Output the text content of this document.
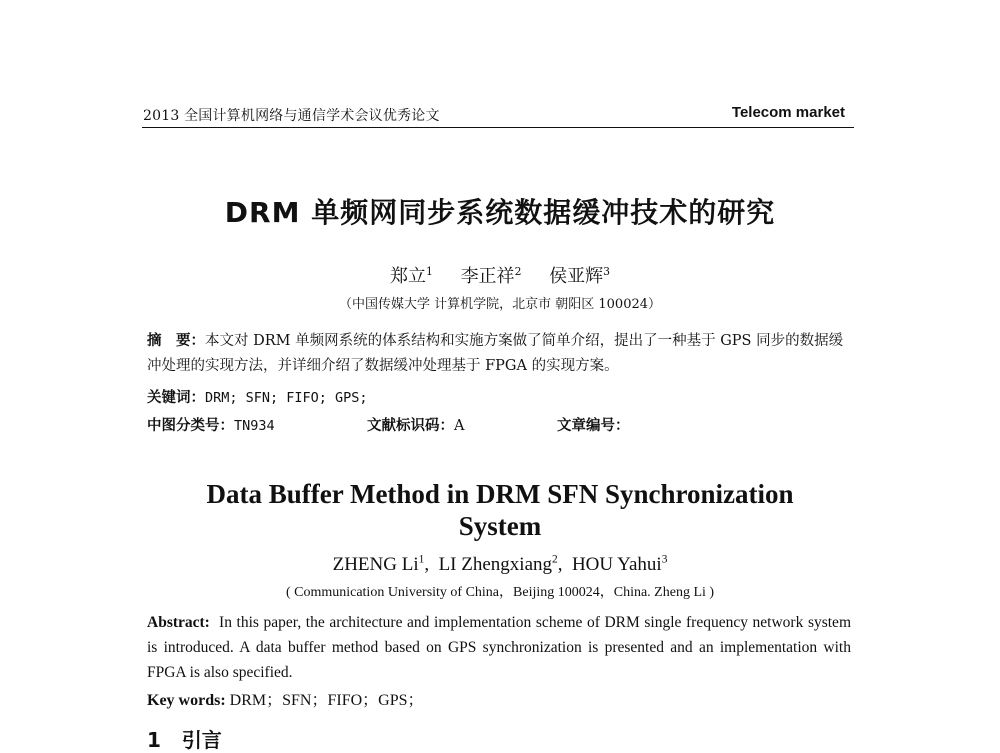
2013 全国计算机网络与通信学术会议优秀论文	Telecom market
DRM 单频网同步系统数据缓冲技术的研究
郑立$^1$ 李正祥$^2$ 侯亚辉$^3$
（中国传媒大学 计算机学院，北京市 朝阳区 100024）
摘　要：本文对 DRM 单频网系统的体系结构和实施方案做了简单介绍，提出了一种基于 GPS 同步的数据缓冲处理的实现方法，并详细介绍了数据缓冲处理基于 FPGA 的实现方案。
关键词：DRM; SFN; FIFO; GPS;
中图分类号：TN934	文献标识码：A	文章编号：
Data Buffer Method in DRM SFN Synchronization
System
ZHENG Li$^1$,  LI Zhengxiang$^2$,  HOU Yahui$^3$
( Communication University of China，Beijing 100024，China. Zheng Li )
Abstract: In this paper, the architecture and implementation scheme of DRM single frequency network system is introduced. A data buffer method based on GPS synchronization is presented and an implementation with FPGA is also specified.
Key words: DRM；SFN；FIFO；GPS；
1 引言
